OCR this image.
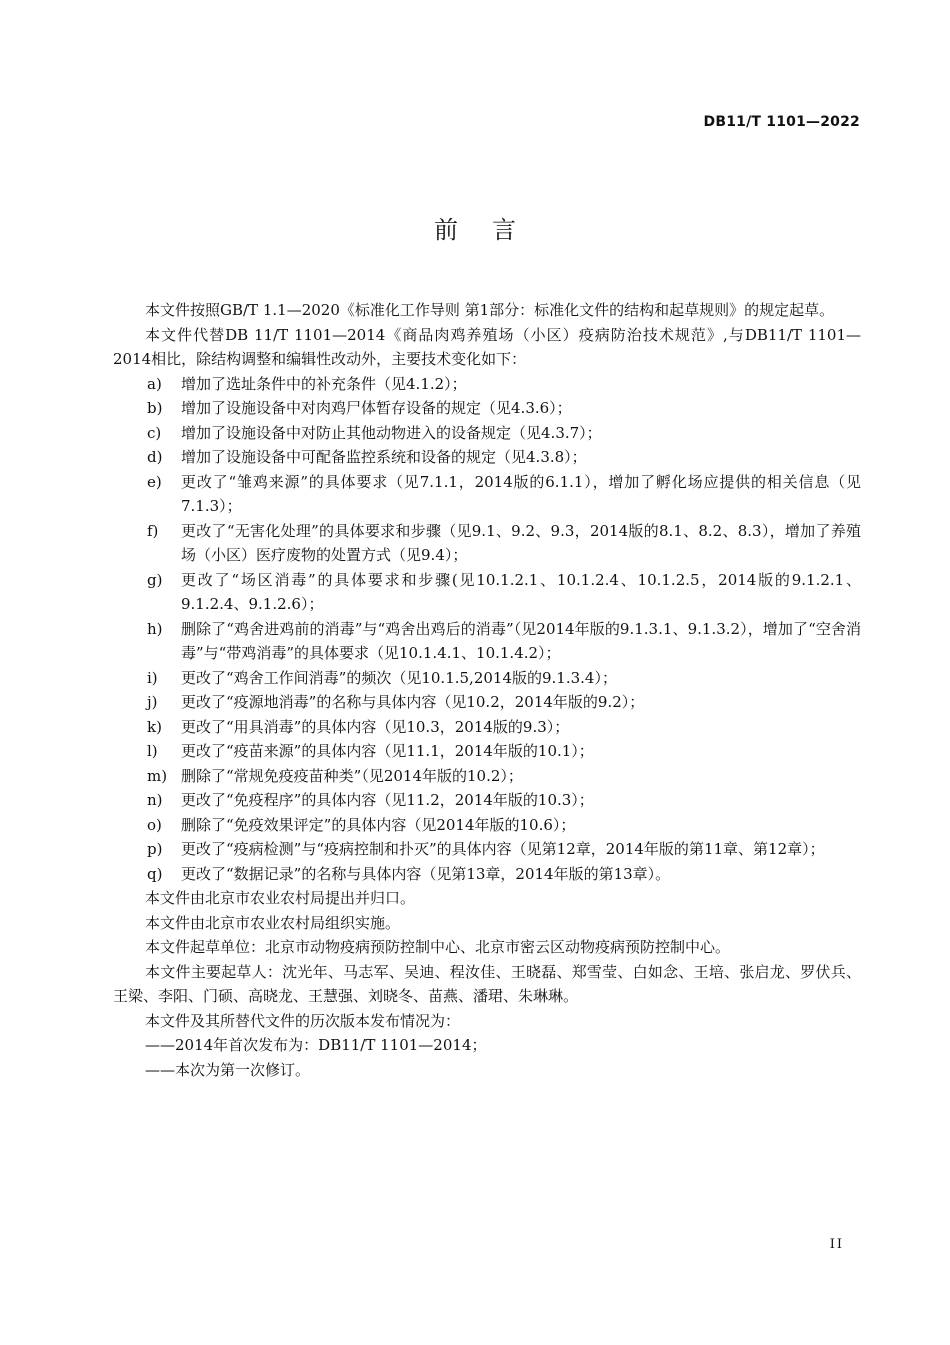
DB11/T 1101—2022
前言

本文件按照GB/T 1.1—2020《标准化工作导则 第1部分：标准化文件的结构和起草规则》的规定起草。

本文件代替DB 11/T 1101—2014《商品肉鸡养殖场（小区）疫病防治技术规范》,与DB11/T 1101—2014相比，除结构调整和编辑性改动外，主要技术变化如下：

a)	增加了选址条件中的补充条件（见4.1.2）；
b)	增加了设施设备中对肉鸡尸体暂存设备的规定（见4.3.6）；
c)	增加了设施设备中对防止其他动物进入的设备规定（见4.3.7）；
d)	增加了设施设备中可配备监控系统和设备的规定（见4.3.8）；
e)	更改了“雏鸡来源”的具体要求（见7.1.1，2014版的6.1.1），增加了孵化场应提供的相关信息（见7.1.3）；
f)	更改了“无害化处理”的具体要求和步骤（见9.1、9.2、9.3，2014版的8.1、8.2、8.3），增加了养殖场（小区）医疗废物的处置方式（见9.4）；
g)	更改了“场区消毒”的具体要求和步骤(见10.1.2.1、10.1.2.4、10.1.2.5，2014版的9.1.2.1、9.1.2.4、9.1.2.6）；
h)	删除了“鸡舍进鸡前的消毒”与“鸡舍出鸡后的消毒”（见2014年版的9.1.3.1、9.1.3.2），增加了“空舍消毒”与“带鸡消毒”的具体要求（见10.1.4.1、10.1.4.2）；
i)	更改了“鸡舍工作间消毒”的频次（见10.1.5,2014版的9.1.3.4）；
j)	更改了“疫源地消毒”的名称与具体内容（见10.2，2014年版的9.2）；
k)	更改了“用具消毒”的具体内容（见10.3，2014版的9.3）；
l)	更改了“疫苗来源”的具体内容（见11.1，2014年版的10.1）；
m) 删除了“常规免疫疫苗种类”（见2014年版的10.2）；
n)	更改了“免疫程序”的具体内容（见11.2，2014年版的10.3）；
o)	删除了“免疫效果评定”的具体内容（见2014年版的10.6）；
p)	更改了“疫病检测”与“疫病控制和扑灭”的具体内容（见第12章，2014年版的第11章、第12章）；
q)	更改了“数据记录”的名称与具体内容（见第13章，2014年版的第13章）。

本文件由北京市农业农村局提出并归口。

本文件由北京市农业农村局组织实施。

本文件起草单位：北京市动物疫病预防控制中心、北京市密云区动物疫病预防控制中心。

本文件主要起草人：沈光年、马志军、吴迪、程汝佳、王晓磊、郑雪莹、白如念、王培、张启龙、罗伏兵、王梁、李阳、门硕、高晓龙、王慧强、刘晓冬、苗燕、潘珺、朱琳琳。

本文件及其所替代文件的历次版本发布情况为：

——2014年首次发布为：DB11/T 1101—2014；

——本次为第一次修订。

II
